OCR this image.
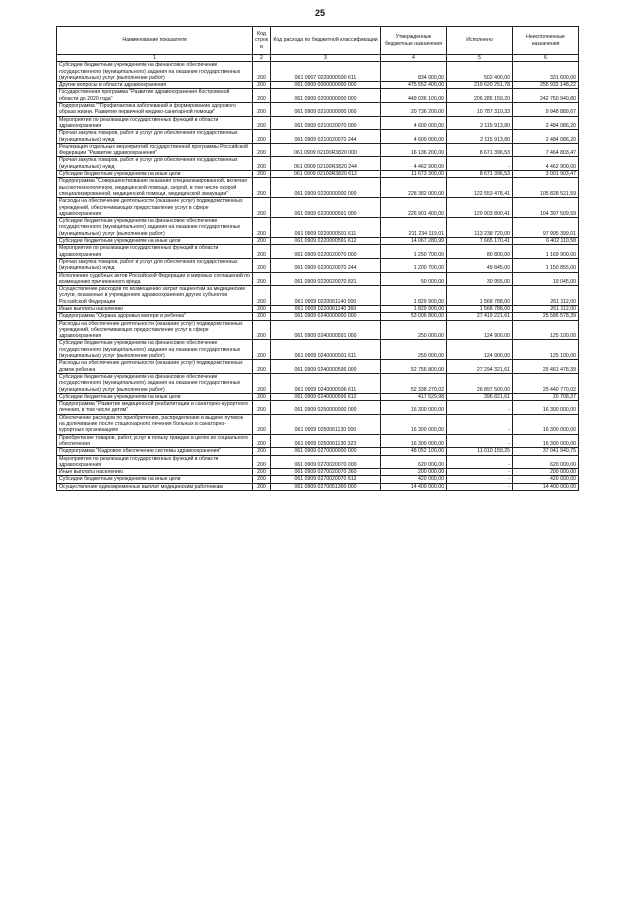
25
Наименование показателя	Код строк и	Код расхода по бюджетной классификации	Утвержденные бюджетные назначения	Исполнено	Неисполненные назначения
1	2	3	4	5	6
Субсидии бюджетным учреждениям на финансовое обеспечение государственного (муниципального) задания на оказание государственных (муниципальных) услуг (выполнение работ)	200	061 0907 0220000590 611	834 000,00	502 400,00	331 600,00
Другие вопросы в области здравоохранения	200	061 0909 0000000000 000	475 552 400,00	219 620 251,78	255 932 148,22
Государственная программа "Развитие здравоохранения Костромской области до 2020 года"	200	061 0909 0200000000 000	449 036 100,00	206 285 159,20	242 750 940,80
Подпрограмма ""Профилактика заболеваний и формирование здорового образа жизни. Развитие первичной медико-санитарной помощи"	200	061 0909 0210000000 000	20 736 200,00	10 787 310,33	9 948 889,67
Мероприятия по реализации государственных функций в области здравоохранения	200	061 0909 0210020070 000	4 600 000,00	2 115 913,80	2 484 086,20
Прочая закупка товаров, работ и услуг для обеспечения государственных (муниципальных) нужд	200	061 0909 0210020070 244	4 600 000,00	2 115 913,80	2 484 086,20
Реализация отдельных мероприятий государственной программы Российской Федерации "Развитие здравоохранения"	200	061 0909 02100R3820 000	16 136 200,00	8 671 396,53	7 464 803,47
Прочая закупка товаров, работ и услуг для обеспечения государственных (муниципальных) нужд	200	061 0909 02100R3820 244	4 462 900,00	-	4 462 900,00
Субсидии бюджетным учреждениям на иные цели	200	061 0909 02100R3820 612	11 673 300,00	8 671 396,53	3 001 903,47
Подпрограмма "Совершенствование оказания специализированной, включая высокотехнологичную, медицинской помощи, скорой, в том числе скорой специализированной, медицинской помощи, медицинской эвакуации"	200	061 0909 0220000000 000	228 382 000,00	122 553 478,41	105 828 521,59
Расходы на обеспечение деятельности (оказание услуг) подведомственных учреждений, обеспечивающих предоставление услуг в сфере здравоохранения	200	061 0909 0220000591 000	226 901 400,00	120 903 890,41	104 397 509,59
Субсидии бюджетным учреждениям на финансовое обеспечение государственного (муниципального) задания на оказание государственных (муниципальных) услуг (выполнение работ)	200	061 0909 0220000591 611	211 234 119,01	113 238 720,00	97 995 399,01
Субсидии бюджетным учреждениям на иные цели	200	061 0909 0220000591 612	14 067 280,99	7 665 170,41	6 402 110,58
Мероприятия по реализации государственных функций в области здравоохранения	200	061 0909 0220020070 000	1 250 700,00	80 800,00	1 169 900,00
Прочая закупка товаров, работ и услуг для обеспечения государственных (муниципальных) нужд	200	061 0909 0220020070 244	1 200 700,00	49 845,00	1 150 855,00
Исполнение судебных актов Российской Федерации и мировых соглашений по возмещению причиненного вреда	200	061 0909 0220020070 831	50 000,00	30 955,00	19 045,00
Осуществление расходов по возмещению затрат пациентам за медицинские услуги, оказанные в учреждениях здравоохранения других субъектов Российской Федерации	200	061 0909 0220061140 000	1 829 900,00	1 568 788,00	261 112,00
Иные выплаты населению	200	061 0909 0220061140 360	1 829 900,00	1 568 788,00	261 112,00
Подпрограмма "Охрана здоровья матери и ребенка"	200	061 0909 0240000000 000	53 006 800,00	27 419 221,61	25 586 578,39
Расходы на обеспечение деятельности (оказание услуг) подведомственных учреждений, обеспечивающих предоставление услуг в сфере здравоохранения	200	061 0909 0240000591 000	250 000,00	124 900,00	125 100,00
Субсидии бюджетным учреждениям на финансовое обеспечение государственного (муниципального) задания на оказание государственных (муниципальных) услуг (выполнение работ)	200	061 0909 0240000591 611	250 000,00	124 900,00	125 100,00
Расходы на обеспечение деятельности (оказание услуг) подведомственных домов ребенка	200	061 0909 0240000596 000	52 756 800,00	27 294 321,61	25 461 478,39
Субсидии бюджетным учреждениям на финансовое обеспечение государственного (муниципального) задания на оказание государственных (муниципальных) услуг (выполнение работ)	200	061 0909 0240000596 611	52 338 270,02	26 897 500,00	25 440 770,02
Субсидии бюджетным учреждениям на иные цели	200	061 0909 0240000596 612	417 529,98	396 821,61	20 708,37
Подпрограмма "Развитие медицинской реабилитации и санаторно-курортного лечения, в том числе детям"	200	061 0909 0250000000 000	16 300 000,00	-	16 300 000,00
Обеспечение расходов по приобретению, распределению и выдаче путевок на долечивание после стационарного лечения больных в санаторно-курортных организациях	200	061 0909 0250061130 000	16 300 000,00	-	16 300 000,00
Приобретение товаров, работ, услуг в пользу граждан в целях их социального обеспечения	200	061 0909 0250061130 323	16 300 000,00	-	16 300 000,00
Подпрограмма "Кадровое обеспечение системы здравоохранения"	200	061 0909 0270000000 000	48 052 100,00	11 010 159,25	37 041 940,75
Мероприятия по реализации государственных функций в области здравоохранения	200	061 0909 0270020070 000	620 000,00	-	620 000,00
Иные выплаты населению	200	061 0909 0270020070 360	200 000,00	-	200 000,00
Субсидии бюджетным учреждениям на иные цели	200	061 0909 0270020070 612	420 000,00	-	420 000,00
Осуществление единовременных выплат медицинским работникам	200	061 0909 0270051360 000	14 400 000,00	-	14 400 000,00
